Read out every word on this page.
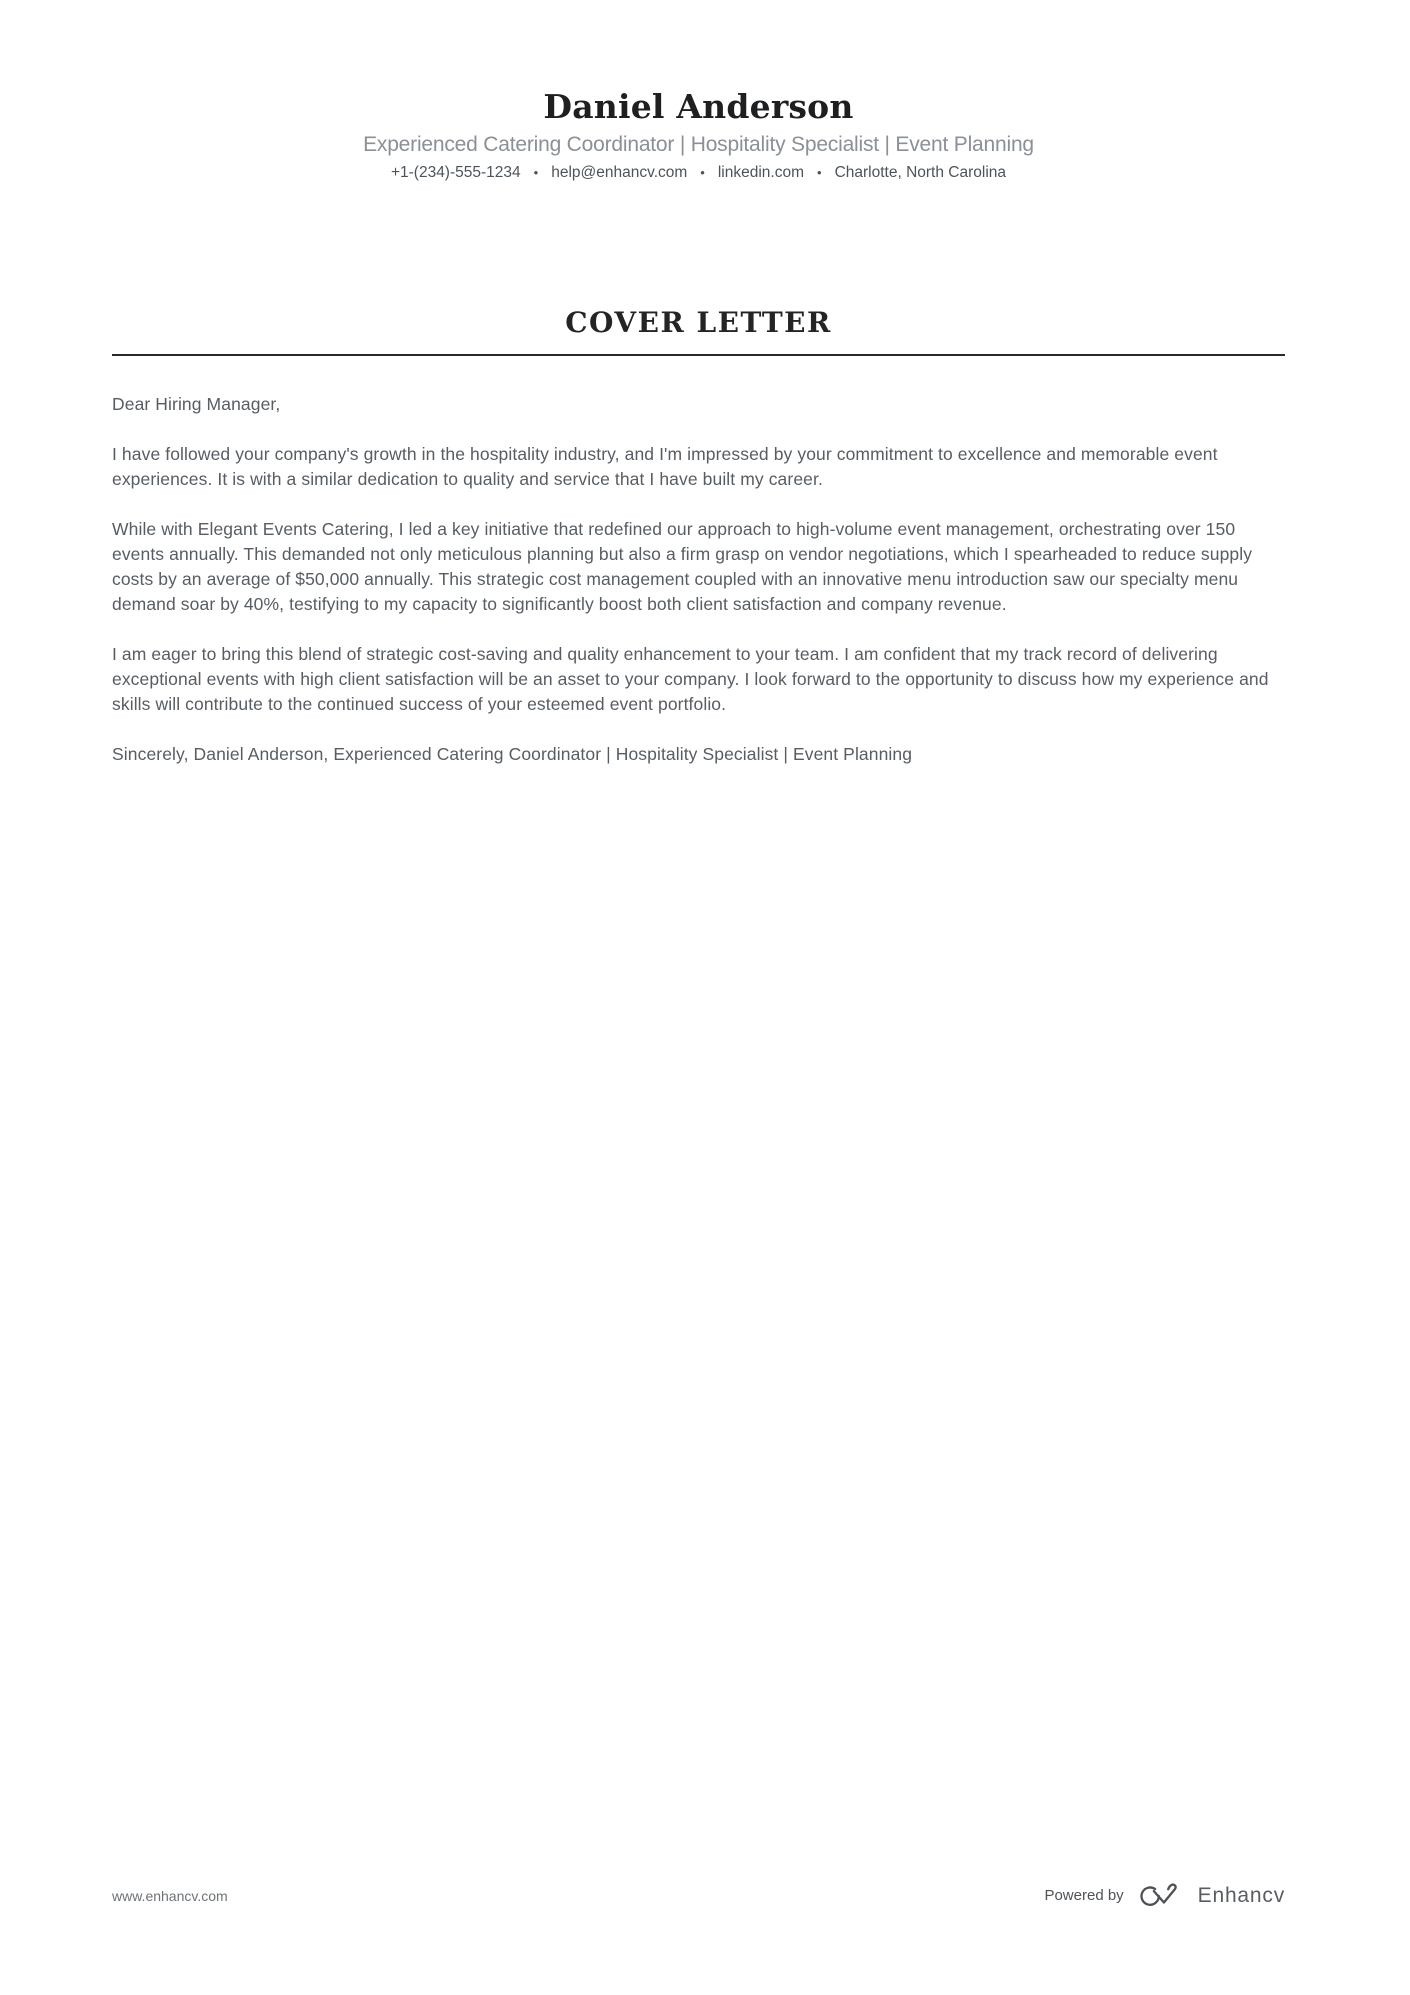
Daniel Anderson
Experienced Catering Coordinator | Hospitality Specialist | Event Planning
+1-(234)-555-1234 • help@enhancv.com • linkedin.com • Charlotte, North Carolina
COVER LETTER

Dear Hiring Manager,

I have followed your company's growth in the hospitality industry, and I'm impressed by your commitment to excellence and memorable event experiences. It is with a similar dedication to quality and service that I have built my career.

While with Elegant Events Catering, I led a key initiative that redefined our approach to high-volume event management, orchestrating over 150 events annually. This demanded not only meticulous planning but also a firm grasp on vendor negotiations, which I spearheaded to reduce supply costs by an average of $50,000 annually. This strategic cost management coupled with an innovative menu introduction saw our specialty menu demand soar by 40%, testifying to my capacity to significantly boost both client satisfaction and company revenue.

I am eager to bring this blend of strategic cost-saving and quality enhancement to your team. I am confident that my track record of delivering exceptional events with high client satisfaction will be an asset to your company. I look forward to the opportunity to discuss how my experience and skills will contribute to the continued success of your esteemed event portfolio.

Sincerely, Daniel Anderson, Experienced Catering Coordinator | Hospitality Specialist | Event Planning

www.enhancv.com	Powered by	Enhancv
